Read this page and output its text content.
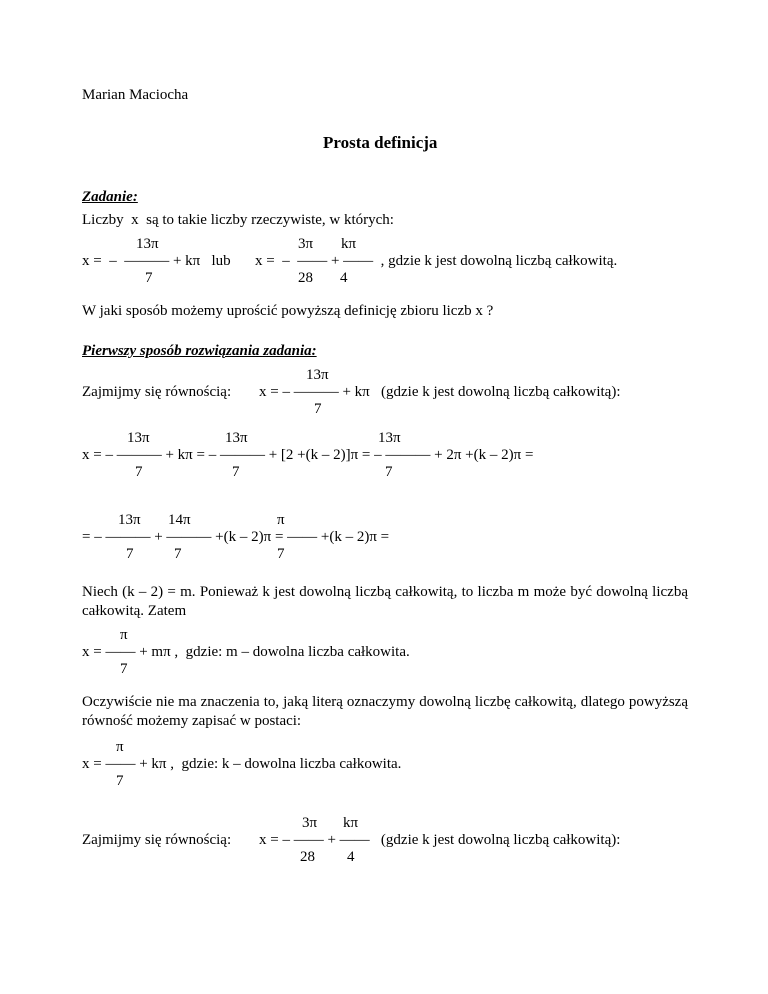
Marian Maciocha
Prosta definicja
Zadanie:
Liczby  x  są to takie liczby rzeczywiste, w których:
13π	3π kπ
x =  –  ——— + kπ   lub x =  –  —— + ——  , gdzie k jest dowolną liczbą całkowitą.
7	28 4
W jaki sposób możemy uprościć powyższą definicję zbioru liczb x ?
Pierwszy sposób rozwiązania zadania:
13π
Zajmijmy się równością: x = – ——— + kπ   (gdzie k jest dowolną liczbą całkowitą):
7
13π	13π	13π
x = – ——— + kπ = – ——— + [2 +(k – 2)]π = – ——— + 2π +(k – 2)π =
7	7	7
13π 14π	π
= – ——— + ——— +(k – 2)π = —— +(k – 2)π =
7	7	7
Niech (k – 2) = m. Ponieważ k jest dowolną liczbą całkowitą, to liczba m może być dowolną liczbą całkowitą. Zatem
π
x = —— + mπ ,  gdzie: m – dowolna liczba całkowita.
7
Oczywiście nie ma znaczenia to, jaką literą oznaczymy dowolną liczbę całkowitą, dlatego powyższą równość możemy zapisać w postaci:
π
x = —— + kπ ,  gdzie: k – dowolna liczba całkowita.
7
3π kπ
Zajmijmy się równością: x = – —— + ——   (gdzie k jest dowolną liczbą całkowitą):
28 4
